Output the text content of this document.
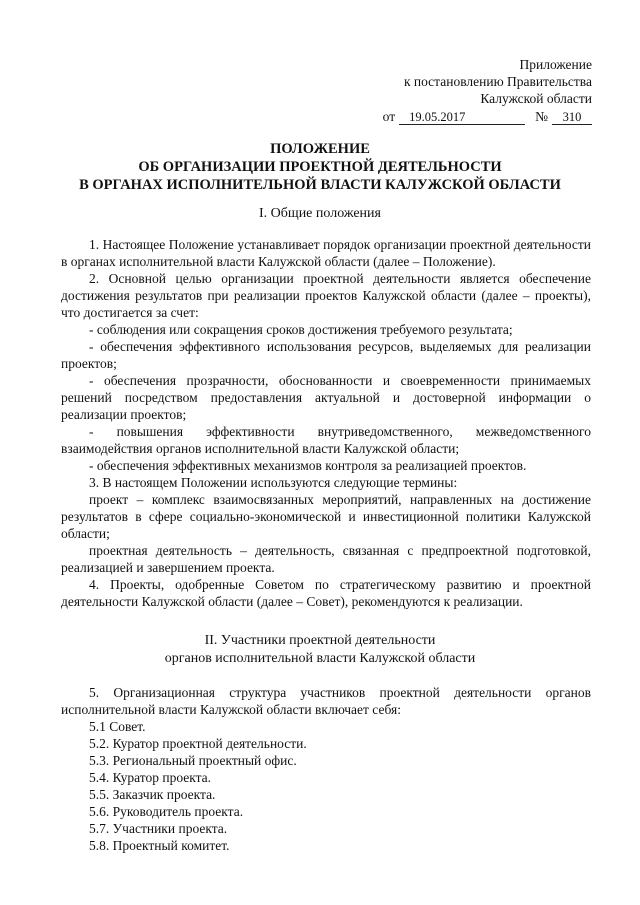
Приложение
к постановлению Правительства
Калужской области
от	19.05.2017	№	310
ПОЛОЖЕНИЕ
ОБ ОРГАНИЗАЦИИ ПРОЕКТНОЙ ДЕЯТЕЛЬНОСТИ
В ОРГАНАХ ИСПОЛНИТЕЛЬНОЙ ВЛАСТИ КАЛУЖСКОЙ ОБЛАСТИ
I. Общие положения

1. Настоящее Положение устанавливает порядок организации проектной деятельности в органах исполнительной власти Калужской области (далее – Положение).

2. Основной целью организации проектной деятельности является обеспечение достижения результатов при реализации проектов Калужской области (далее – проекты), что достигается за счет:

- соблюдения или сокращения сроков достижения требуемого результата;

- обеспечения эффективного использования ресурсов, выделяемых для реализации проектов;

- обеспечения прозрачности, обоснованности и своевременности принимаемых решений посредством предоставления актуальной и достоверной информации о реализации проектов;

- повышения эффективности внутриведомственного, межведомственного взаимодействия органов исполнительной власти Калужской области;

- обеспечения эффективных механизмов контроля за реализацией проектов.

3. В настоящем Положении используются следующие термины:

проект – комплекс взаимосвязанных мероприятий, направленных на достижение результатов в сфере социально-экономической и инвестиционной политики Калужской области;

проектная деятельность – деятельность, связанная с предпроектной подготовкой, реализацией и завершением проекта.

4. Проекты, одобренные Советом по стратегическому развитию и проектной деятельности Калужской области (далее – Совет), рекомендуются к реализации.

II. Участники проектной деятельности
органов исполнительной власти Калужской области

5. Организационная структура участников проектной деятельности органов исполнительной власти Калужской области включает себя:

5.1 Совет.

5.2. Куратор проектной деятельности.

5.3. Региональный проектный офис.

5.4. Куратор проекта.

5.5. Заказчик проекта.

5.6. Руководитель проекта.

5.7. Участники проекта.

5.8. Проектный комитет.
